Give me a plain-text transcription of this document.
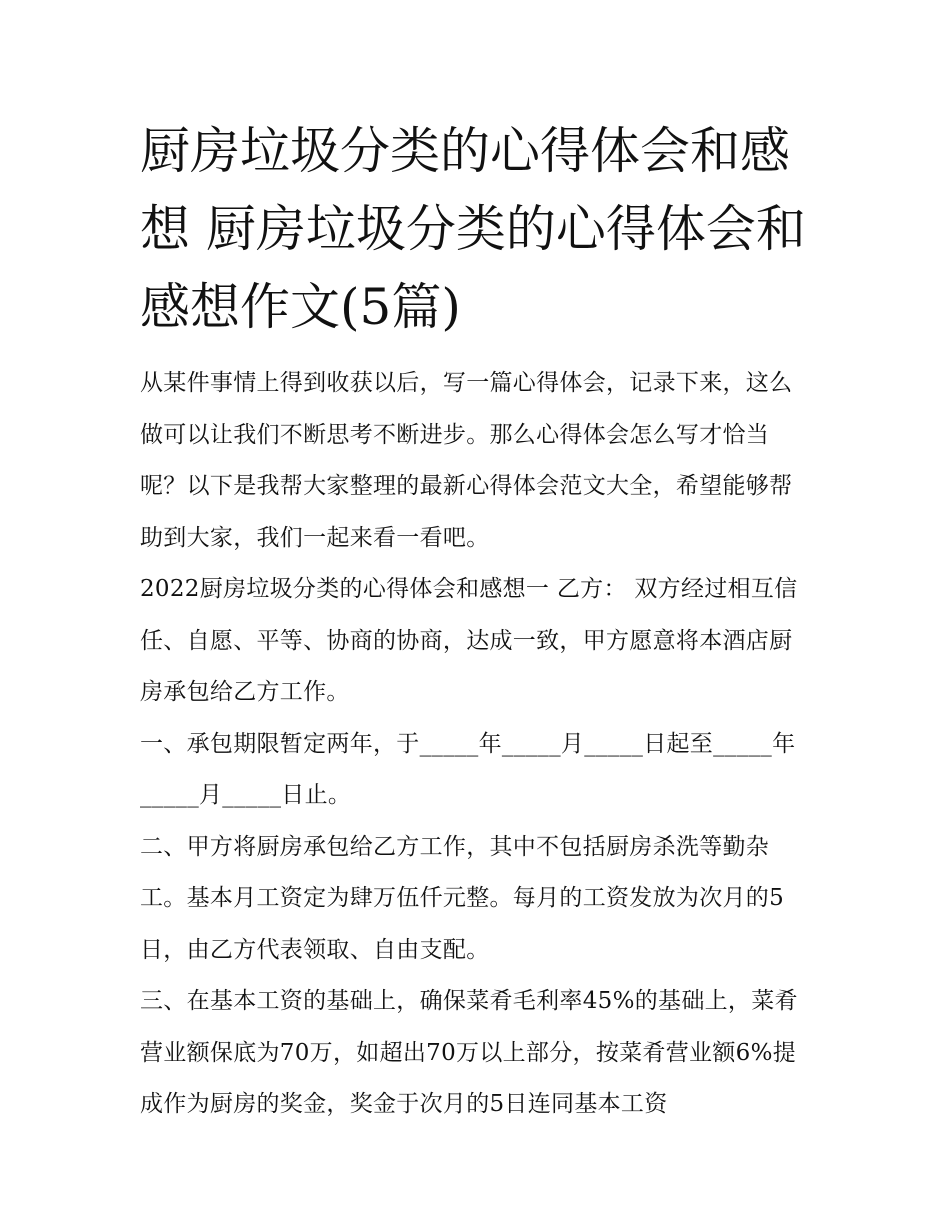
厨房垃圾分类的心得体会和感想 厨房垃圾分类的心得体会和感想作文(5篇)

从某件事情上得到收获以后，写一篇心得体会，记录下来，这么做可以让我们不断思考不断进步。那么心得体会怎么写才恰当呢？以下是我帮大家整理的最新心得体会范文大全，希望能够帮助到大家，我们一起来看一看吧。

2022厨房垃圾分类的心得体会和感想一 乙方： 双方经过相互信任、自愿、平等、协商的协商，达成一致，甲方愿意将本酒店厨房承包给乙方工作。

一、承包期限暂定两年，于_____年_____月_____日起至_____年_____月_____日止。

二、甲方将厨房承包给乙方工作，其中不包括厨房杀洗等勤杂工。基本月工资定为肆万伍仟元整。每月的工资发放为次月的5日，由乙方代表领取、自由支配。

三、在基本工资的基础上，确保菜肴毛利率45%的基础上，菜肴营业额保底为70万，如超出70万以上部分，按菜肴营业额6%提成作为厨房的奖金，奖金于次月的5日连同基本工资
